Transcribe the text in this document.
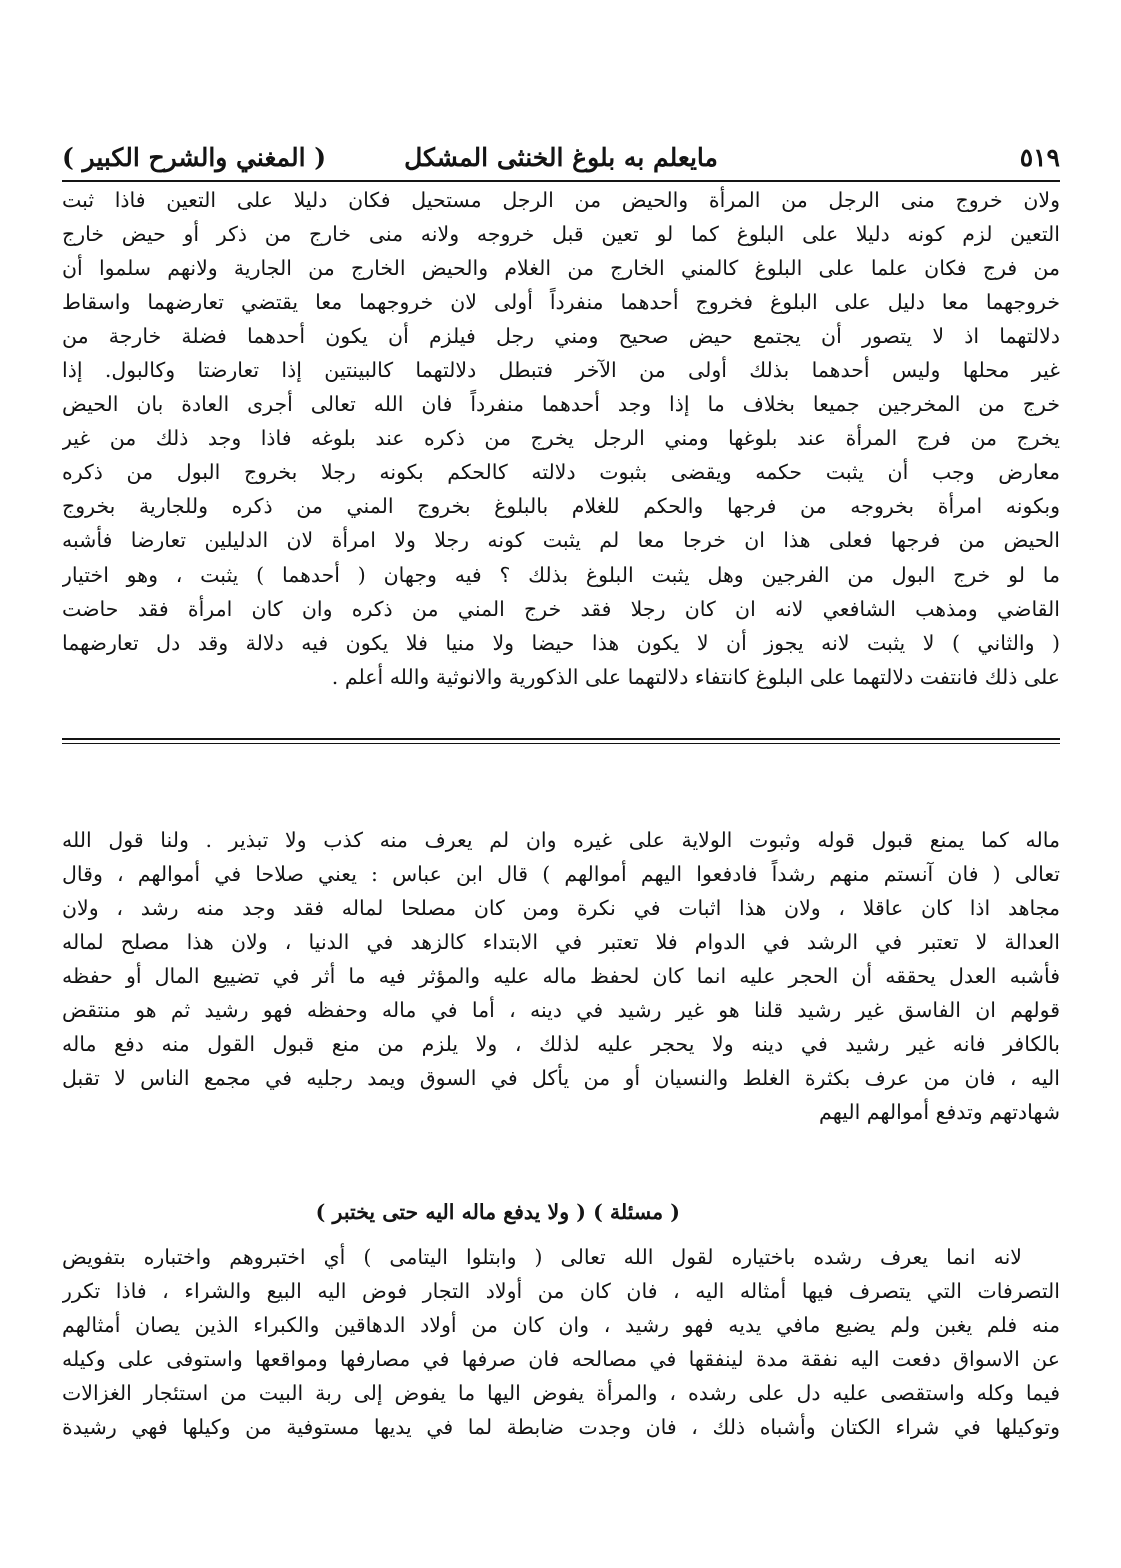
٥١٩
مايعلم به بلوغ الخنثى المشكل
( المغني والشرح الكبير )
ولان خروج منى الرجل من المرأة والحيض من الرجل مستحيل فكان دليلا على التعين فاذا ثبت
التعين لزم كونه دليلا على البلوغ كما لو تعين قبل خروجه ولانه منى خارج من ذكر أو حيض خارج
من فرج فكان علما على البلوغ كالمني الخارج من الغلام والحيض الخارج من الجارية ولانهم سلموا أن
خروجهما معا دليل على البلوغ فخروج أحدهما منفرداً أولى لان خروجهما معا يقتضي تعارضهما واسقاط
دلالتهما اذ لا يتصور أن يجتمع حيض صحيح ومني رجل فيلزم أن يكون أحدهما فضلة خارجة من
غير محلها وليس أحدهما بذلك أولى من الآخر فتبطل دلالتهما كالبينتين إذا تعارضتا وكالبول. إذا
خرج من المخرجين جميعا بخلاف ما إذا وجد أحدهما منفرداً فان الله تعالى أجرى العادة بان الحيض
يخرج من فرج المرأة عند بلوغها ومني الرجل يخرج من ذكره عند بلوغه فاذا وجد ذلك من غير
معارض وجب أن يثبت حكمه ويقضى بثبوت دلالته كالحكم بكونه رجلا بخروج البول من ذكره
وبكونه امرأة بخروجه من فرجها والحكم للغلام بالبلوغ بخروج المني من ذكره وللجارية بخروج
الحيض من فرجها فعلى هذا ان خرجا معا لم يثبت كونه رجلا ولا امرأة لان الدليلين تعارضا فأشبه
ما لو خرج البول من الفرجين وهل يثبت البلوغ بذلك ؟ فيه وجهان ( أحدهما ) يثبت ، وهو اختيار
القاضي ومذهب الشافعي لانه ان كان رجلا فقد خرج المني من ذكره وان كان امرأة فقد حاضت
( والثاني ) لا يثبت لانه يجوز أن لا يكون هذا حيضا ولا منيا فلا يكون فيه دلالة وقد دل تعارضهما
على ذلك فانتفت دلالتهما على البلوغ كانتفاء دلالتهما على الذكورية والانوثية والله أعلم .
ماله كما يمنع قبول قوله وثبوت الولاية على غيره وان لم يعرف منه كذب ولا تبذير . ولنا قول الله
تعالى ( فان آنستم منهم رشداً فادفعوا اليهم أموالهم ) قال ابن عباس : يعني صلاحا في أموالهم ، وقال
مجاهد اذا كان عاقلا ، ولان هذا اثبات في نكرة ومن كان مصلحا لماله فقد وجد منه رشد ، ولان
العدالة لا تعتبر في الرشد في الدوام فلا تعتبر في الابتداء كالزهد في الدنيا ، ولان هذا مصلح لماله
فأشبه العدل يحققه أن الحجر عليه انما كان لحفظ ماله عليه والمؤثر فيه ما أثر في تضييع المال أو حفظه
قولهم ان الفاسق غير رشيد قلنا هو غير رشيد في دينه ، أما في ماله وحفظه فهو رشيد ثم هو منتقض
بالكافر فانه غير رشيد في دينه ولا يحجر عليه لذلك ، ولا يلزم من منع قبول القول منه دفع ماله
اليه ، فان من عرف بكثرة الغلط والنسيان أو من يأكل في السوق ويمد رجليه في مجمع الناس لا تقبل
شهادتهم وتدفع أموالهم اليهم
( مسئلة ) ( ولا يدفع ماله اليه حتى يختبر )
لانه انما يعرف رشده باختياره لقول الله تعالى ( وابتلوا اليتامى ) أي اختبروهم واختباره بتفويض
التصرفات التي يتصرف فيها أمثاله اليه ، فان كان من أولاد التجار فوض اليه البيع والشراء ، فاذا تكرر
منه فلم يغبن ولم يضيع مافي يديه فهو رشيد ، وان كان من أولاد الدهاقين والكبراء الذين يصان أمثالهم
عن الاسواق دفعت اليه نفقة مدة لينفقها في مصالحه فان صرفها في مصارفها ومواقعها واستوفى على وكيله
فيما وكله واستقصى عليه دل على رشده ، والمرأة يفوض اليها ما يفوض إلى ربة البيت من استئجار الغزالات
وتوكيلها في شراء الكتان وأشباه ذلك ، فان وجدت ضابطة لما في يديها مستوفية من وكيلها فهي رشيدة
